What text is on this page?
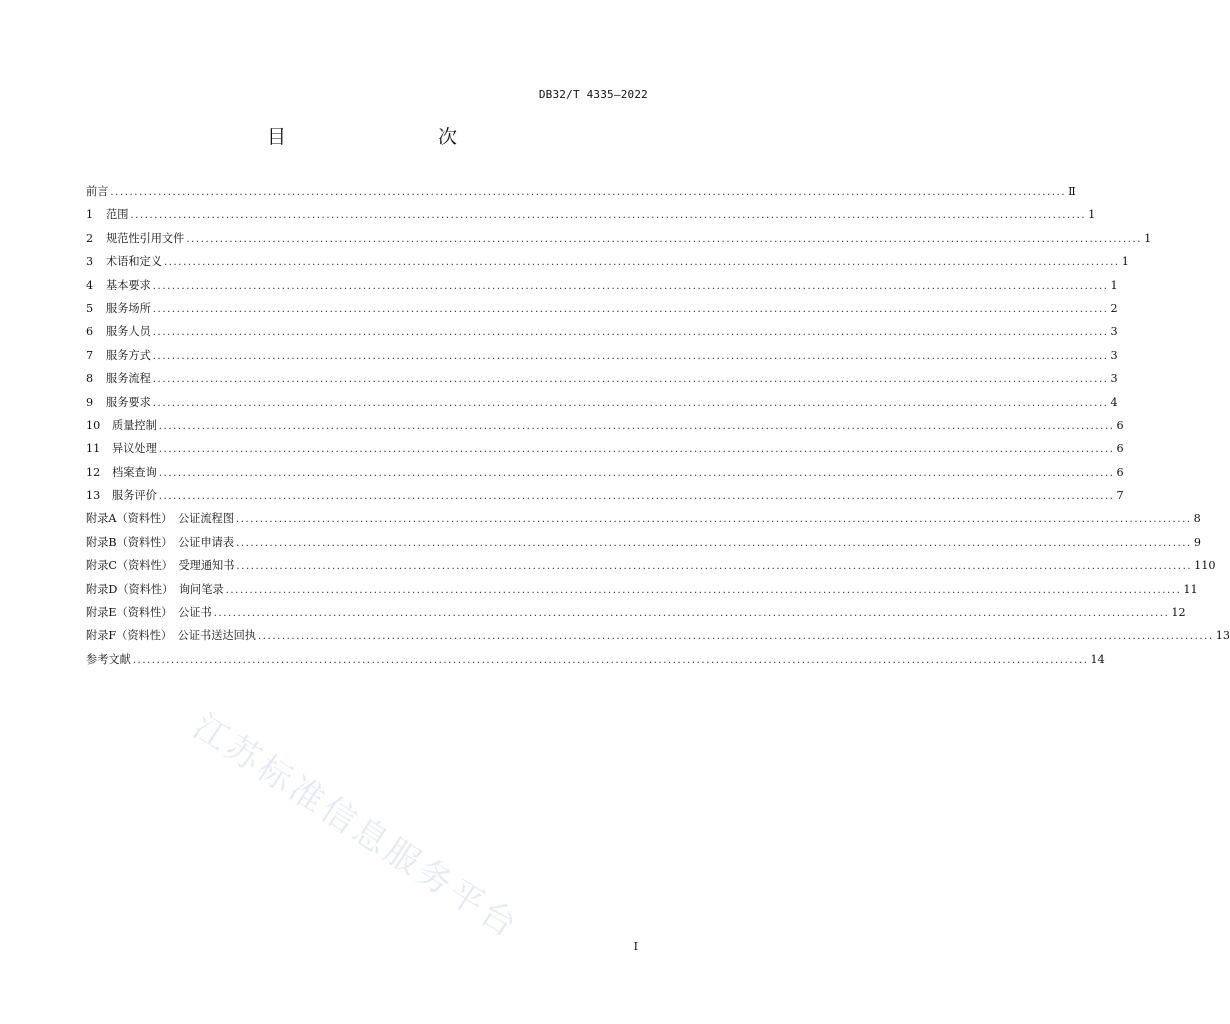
DB32/T 4335—2022
目　　次
前言 ........................................................................................................................................................................................................ Ⅱ
1	范围 ........................................................................................................................................................................................................ 1
2	规范性引用文件 ........................................................................................................................................................................................................ 1
3	术语和定义 ........................................................................................................................................................................................................ 1
4	基本要求 ........................................................................................................................................................................................................ 1
5	服务场所 ........................................................................................................................................................................................................ 2
6	服务人员 ........................................................................................................................................................................................................ 3
7	服务方式 ........................................................................................................................................................................................................ 3
8	服务流程 ........................................................................................................................................................................................................ 3
9	服务要求 ........................................................................................................................................................................................................ 4
10	质量控制 ........................................................................................................................................................................................................ 6
11	异议处理 ........................................................................................................................................................................................................ 6
12	档案查询 ........................................................................................................................................................................................................ 6
13	服务评价 ........................................................................................................................................................................................................ 7
附录A（资料性）　公证流程图 ........................................................................................................................................................................................................ 8
附录B（资料性）　公证申请表 ........................................................................................................................................................................................................ 9
附录C（资料性）　受理通知书 ........................................................................................................................................................................................................ 110
附录D（资料性）　询问笔录 ........................................................................................................................................................................................................ 11
附录E（资料性）　公证书 ........................................................................................................................................................................................................ 12
附录F（资料性）　公证书送达回执 ........................................................................................................................................................................................................ 13
参考文献 ........................................................................................................................................................................................................ 14
江苏标准信息服务平台	I
